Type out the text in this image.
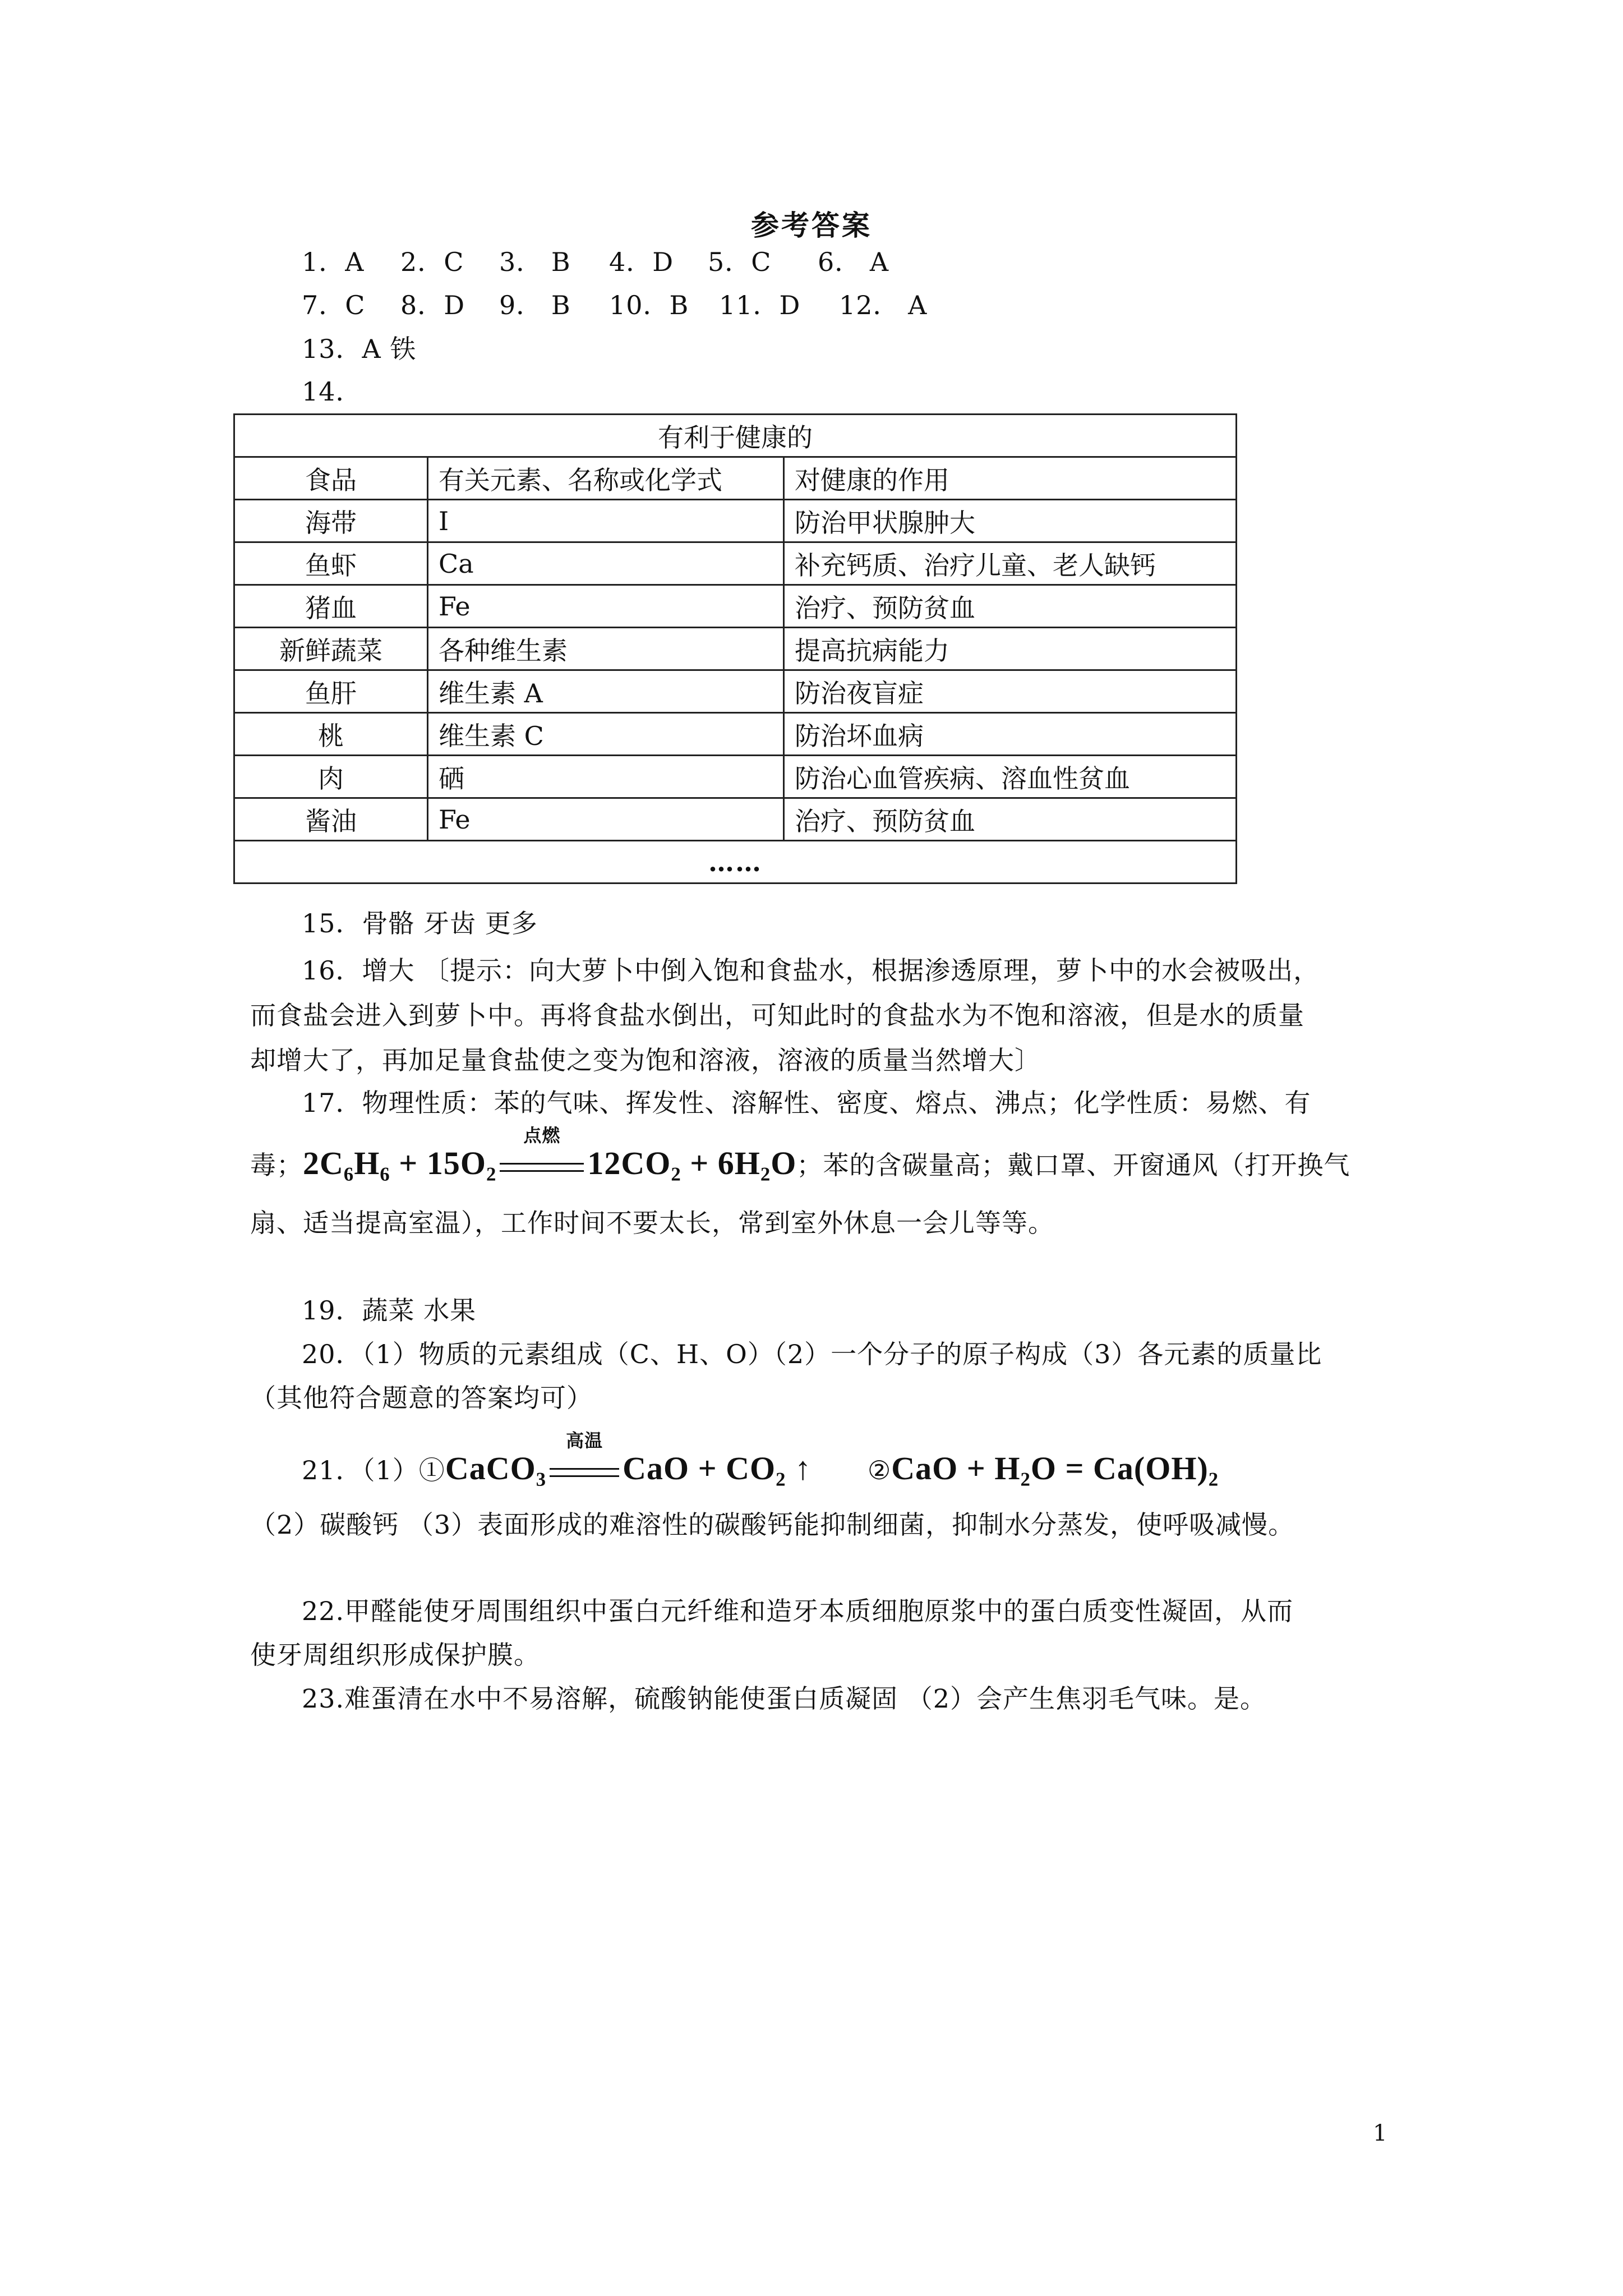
参考答案
1．A 2．C 3． B 4．D 5．C 6． A
7．C 8．D 9． B 10．B 11．D 12． A
13．A 铁
14．
有利于健康的		
食品	有关元素、名称或化学式	对健康的作用
海带	I	防治甲状腺肿大
鱼虾	Ca	补充钙质、治疗儿童、老人缺钙
猪血	Fe	治疗、预防贫血
新鲜蔬菜	各种维生素	提高抗病能力
鱼肝	维生素 A	防治夜盲症
桃	维生素 C	防治坏血病
肉	硒	防治心血管疾病、溶血性贫血
酱油	Fe	治疗、预防贫血
……		
15．骨骼 牙齿 更多
16．增大 〔提示：向大萝卜中倒入饱和食盐水，根据渗透原理，萝卜中的水会被吸出，
而食盐会进入到萝卜中。再将食盐水倒出，可知此时的食盐水为不饱和溶液，但是水的质量
却增大了，再加足量食盐使之变为饱和溶液，溶液的质量当然增大〕
17．物理性质：苯的气味、挥发性、溶解性、密度、熔点、沸点；化学性质：易燃、有
毒；2C₆H₆ + 15O₂
点燃
12CO₂ + 6H₂O；苯的含碳量高；戴口罩、开窗通风（打开换气
扇、适当提高室温），工作时间不要太长，常到室外休息一会儿等等。
19．蔬菜 水果
20．（1）物质的元素组成（C、H、O）（2）一个分子的原子构成（3）各元素的质量比
（其他符合题意的答案均可）
21．（1）①CaCO₃
高温
CaO + CO₂ ↑ ②CaO + H₂O = Ca(OH)₂
（2）碳酸钙 （3）表面形成的难溶性的碳酸钙能抑制细菌，抑制水分蒸发，使呼吸减慢。
22.甲醛能使牙周围组织中蛋白元纤维和造牙本质细胞原浆中的蛋白质变性凝固，从而
使牙周组织形成保护膜。
23.难蛋清在水中不易溶解，硫酸钠能使蛋白质凝固 （2）会产生焦羽毛气味。是。
1
